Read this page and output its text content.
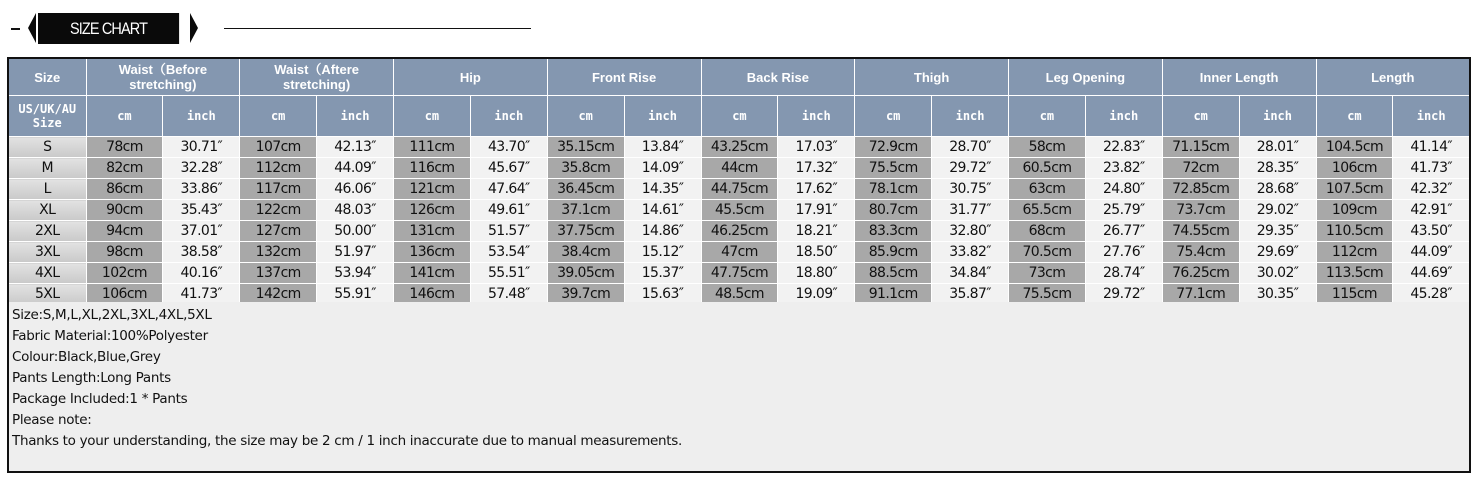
SIZE CHART
Size	Waist（Before stretching)		Waist（Aftere stretching)		Hip		Front Rise		Back Rise		Thigh		Leg Opening		Inner Length		Length	
US/UK/AU Size	cm	inch	cm	inch	cm	inch	cm	inch	cm	inch	cm	inch	cm	inch	cm	inch	cm	inch
S	78cm	30.71″	107cm	42.13″	111cm	43.70″	35.15cm	13.84″	43.25cm	17.03″	72.9cm	28.70″	58cm	22.83″	71.15cm	28.01″	104.5cm	41.14″
M	82cm	32.28″	112cm	44.09″	116cm	45.67″	35.8cm	14.09″	44cm	17.32″	75.5cm	29.72″	60.5cm	23.82″	72cm	28.35″	106cm	41.73″
L	86cm	33.86″	117cm	46.06″	121cm	47.64″	36.45cm	14.35″	44.75cm	17.62″	78.1cm	30.75″	63cm	24.80″	72.85cm	28.68″	107.5cm	42.32″
XL	90cm	35.43″	122cm	48.03″	126cm	49.61″	37.1cm	14.61″	45.5cm	17.91″	80.7cm	31.77″	65.5cm	25.79″	73.7cm	29.02″	109cm	42.91″
2XL	94cm	37.01″	127cm	50.00″	131cm	51.57″	37.75cm	14.86″	46.25cm	18.21″	83.3cm	32.80″	68cm	26.77″	74.55cm	29.35″	110.5cm	43.50″
3XL	98cm	38.58″	132cm	51.97″	136cm	53.54″	38.4cm	15.12″	47cm	18.50″	85.9cm	33.82″	70.5cm	27.76″	75.4cm	29.69″	112cm	44.09″
4XL	102cm	40.16″	137cm	53.94″	141cm	55.51″	39.05cm	15.37″	47.75cm	18.80″	88.5cm	34.84″	73cm	28.74″	76.25cm	30.02″	113.5cm	44.69″
5XL	106cm	41.73″	142cm	55.91″	146cm	57.48″	39.7cm	15.63″	48.5cm	19.09″	91.1cm	35.87″	75.5cm	29.72″	77.1cm	30.35″	115cm	45.28″
Size:S,M,L,XL,2XL,3XL,4XL,5XL
Fabric Material:100%Polyester
Colour:Black,Blue,Grey
Pants Length:Long Pants
Package Included:1 * Pants
Please note:
Thanks to your understanding, the size may be 2 cm / 1 inch inaccurate due to manual measurements.
